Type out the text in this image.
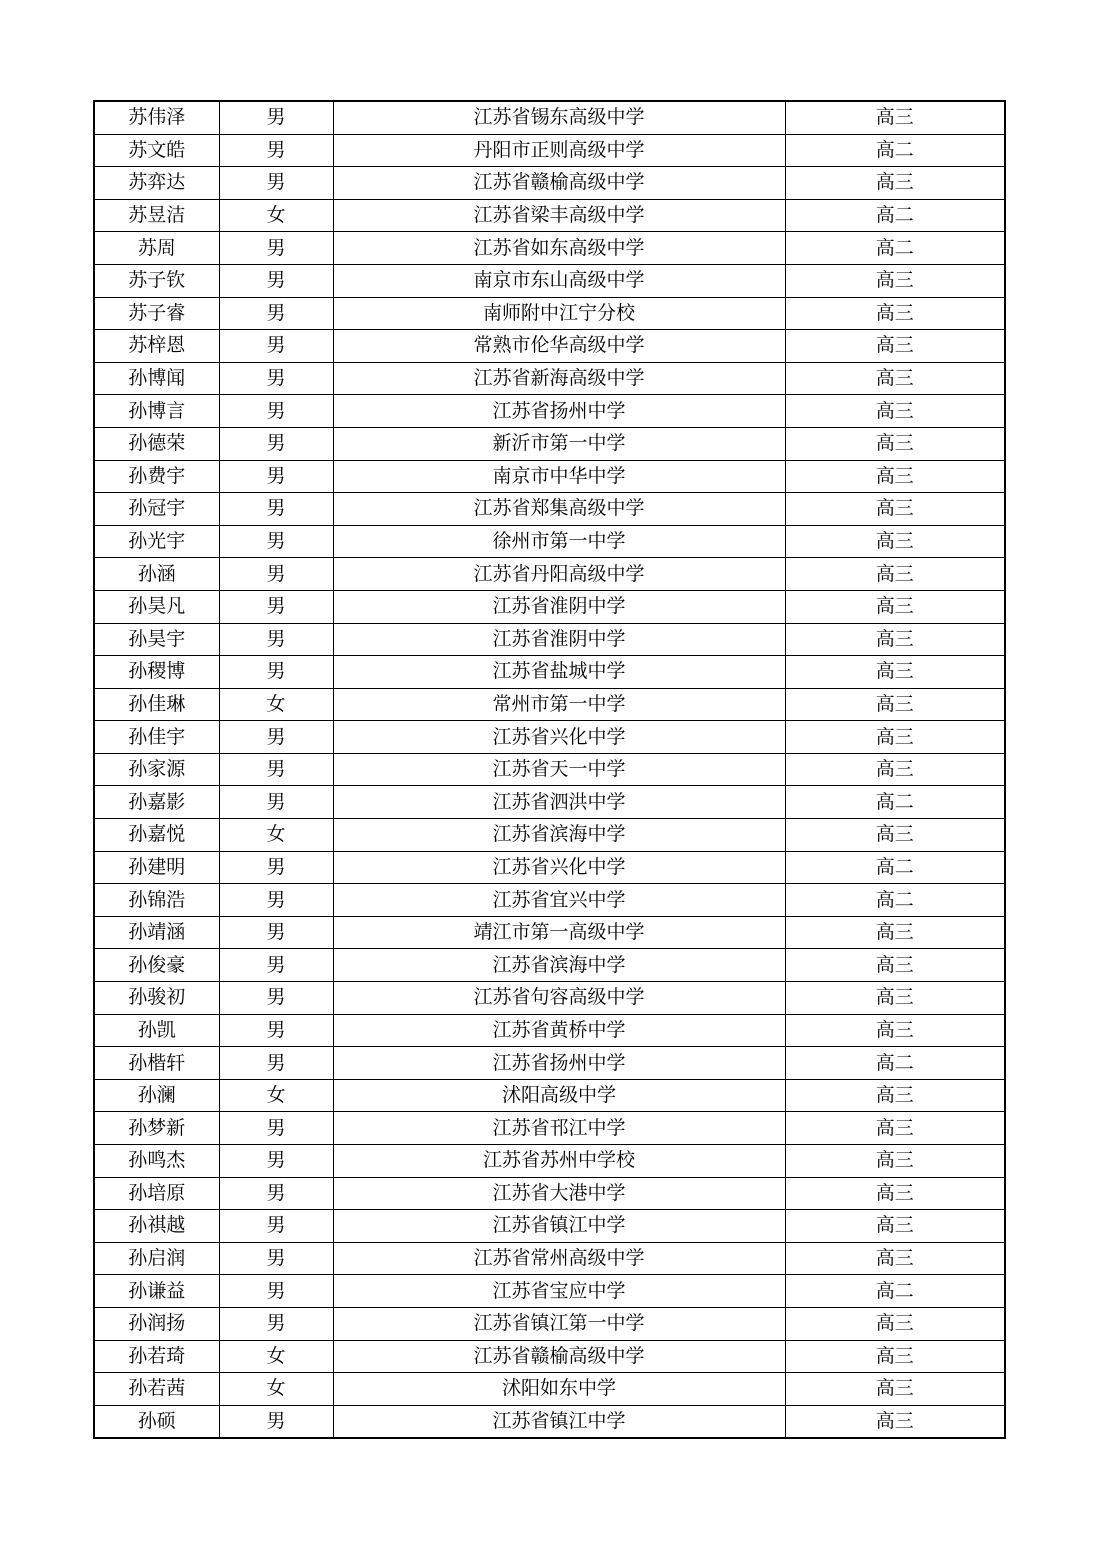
苏伟泽	男	江苏省锡东高级中学	高三
苏文皓	男	丹阳市正则高级中学	高二
苏弈达	男	江苏省赣榆高级中学	高三
苏昱洁	女	江苏省梁丰高级中学	高二
苏周	男	江苏省如东高级中学	高二
苏子钦	男	南京市东山高级中学	高三
苏子睿	男	南师附中江宁分校	高三
苏梓恩	男	常熟市伦华高级中学	高三
孙博闻	男	江苏省新海高级中学	高三
孙博言	男	江苏省扬州中学	高三
孙德荣	男	新沂市第一中学	高三
孙费宇	男	南京市中华中学	高三
孙冠宇	男	江苏省郑集高级中学	高三
孙光宇	男	徐州市第一中学	高三
孙涵	男	江苏省丹阳高级中学	高三
孙昊凡	男	江苏省淮阴中学	高三
孙昊宇	男	江苏省淮阴中学	高三
孙稷博	男	江苏省盐城中学	高三
孙佳琳	女	常州市第一中学	高三
孙佳宇	男	江苏省兴化中学	高三
孙家源	男	江苏省天一中学	高三
孙嘉影	男	江苏省泗洪中学	高二
孙嘉悦	女	江苏省滨海中学	高三
孙建明	男	江苏省兴化中学	高二
孙锦浩	男	江苏省宜兴中学	高二
孙靖涵	男	靖江市第一高级中学	高三
孙俊豪	男	江苏省滨海中学	高三
孙骏初	男	江苏省句容高级中学	高三
孙凯	男	江苏省黄桥中学	高三
孙楷轩	男	江苏省扬州中学	高二
孙澜	女	沭阳高级中学	高三
孙梦新	男	江苏省邗江中学	高三
孙鸣杰	男	江苏省苏州中学校	高三
孙培原	男	江苏省大港中学	高三
孙祺越	男	江苏省镇江中学	高三
孙启润	男	江苏省常州高级中学	高三
孙谦益	男	江苏省宝应中学	高二
孙润扬	男	江苏省镇江第一中学	高三
孙若琦	女	江苏省赣榆高级中学	高三
孙若茜	女	沭阳如东中学	高三
孙硕	男	江苏省镇江中学	高三
